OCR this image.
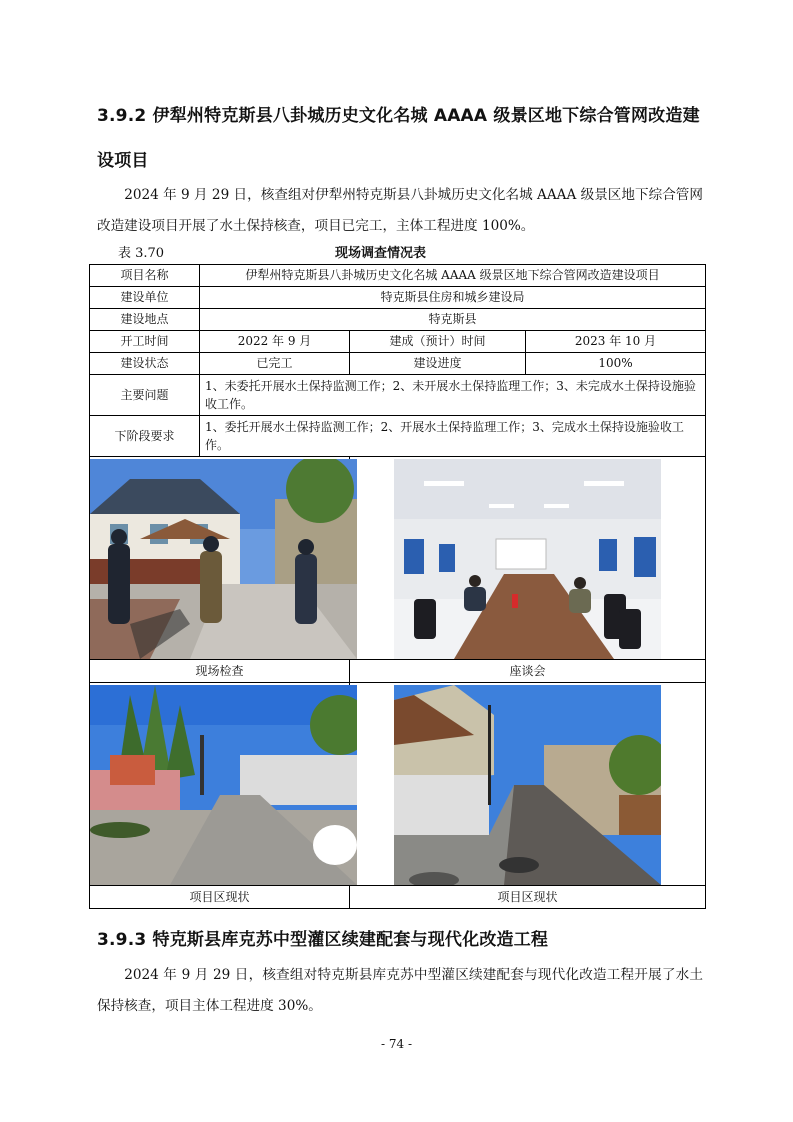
3.9.2 伊犁州特克斯县八卦城历史文化名城 AAAA 级景区地下综合管网改造建设项目
2024 年 9 月 29 日，核查组对伊犁州特克斯县八卦城历史文化名城 AAAA 级景区地下综合管网改造建设项目开展了水土保持核查，项目已完工，主体工程进度 100%。
表 3.70	现场调查情况表
项目名称	伊犁州特克斯县八卦城历史文化名城 AAAA 级景区地下综合管网改造建设项目		
建设单位	特克斯县住房和城乡建设局		
建设地点	特克斯县		
开工时间	2022 年 9 月	建成（预计）时间	2023 年 10 月
建设状态	已完工	建设进度	100%
主要问题	1、未委托开展水土保持监测工作；2、未开展水土保持监理工作；3、未完成水土保持设施验收工作。		
下阶段要求	1、委托开展水土保持监测工作；2、开展水土保持监理工作；3、完成水土保持设施验收工作。		

现场检查		座谈会	

项目区现状		项目区现状	
3.9.3 特克斯县库克苏中型灌区续建配套与现代化改造工程
2024 年 9 月 29 日，核查组对特克斯县库克苏中型灌区续建配套与现代化改造工程开展了水土保持核查，项目主体工程进度 30%。
- 74 -
